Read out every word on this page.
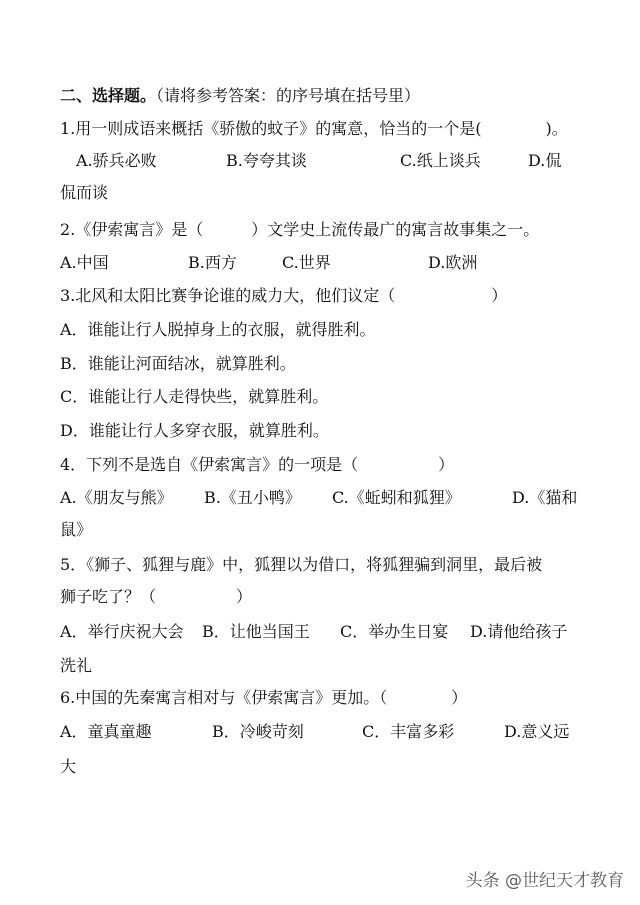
二、选择题。（请将参考答案：的序号填在括号里）
1.用一则成语来概括《骄傲的蚊子》的寓意，恰当的一个是(　　　　)。
A.骄兵必败	B.夸夸其谈	C.纸上谈兵	D.侃
侃而谈
2.《伊索寓言》是（　　　）文学史上流传最广的寓言故事集之一。
A.中国	B.西方	C.世界	D.欧洲
3.北风和太阳比赛争论谁的威力大，他们议定（　　　　　　）
A．谁能让行人脱掉身上的衣服，就得胜利。
B．谁能让河面结冰，就算胜利。
C．谁能让行人走得快些，就算胜利。
D．谁能让行人多穿衣服，就算胜利。
4．下列不是选自《伊索寓言》的一项是（　　　　　）
A.《朋友与熊》 B.《丑小鸭》 C.《蚯蚓和狐狸》	D.《猫和
鼠》
5．《狮子、狐狸与鹿》中，狐狸以为借口，将狐狸骗到洞里，最后被
狮子吃了？（　　　　　）
A．举行庆祝大会 B．让他当国王 C．举办生日宴 D.请他给孩子
洗礼
6.中国的先秦寓言相对与《伊索寓言》更加。（　　　　）
A．童真童趣	B．冷峻苛刻	C．丰富多彩	D.意义远
大
头条 @世纪天才教育
